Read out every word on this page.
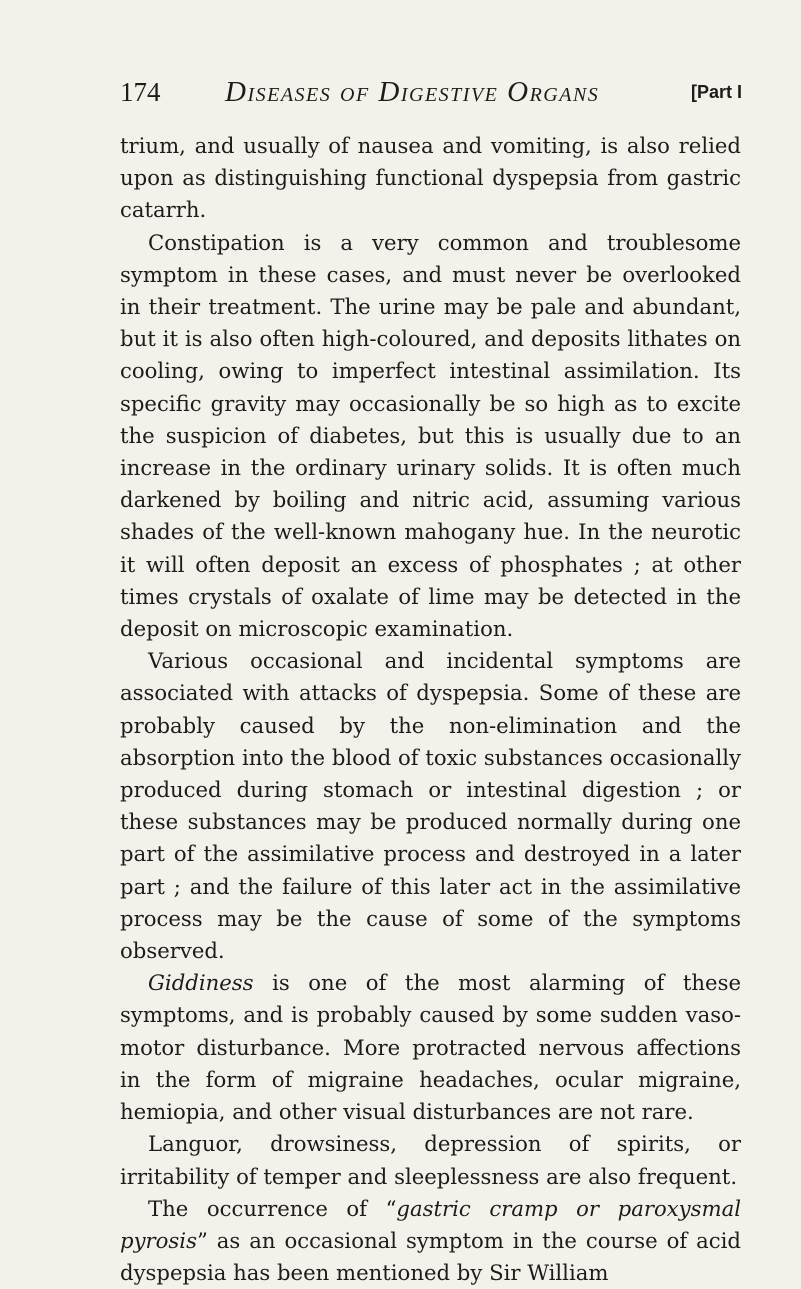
174 Diseases of Digestive Organs	[Part I

trium, and usually of nausea and vomiting, is also relied upon as distinguishing functional dyspepsia from gastric catarrh.

Constipation is a very common and troublesome symptom in these cases, and must never be overlooked in their treatment. The urine may be pale and abundant, but it is also often high-coloured, and deposits lithates on cooling, owing to imperfect intestinal assimilation. Its specific gravity may occasionally be so high as to excite the suspicion of diabetes, but this is usually due to an increase in the ordinary urinary solids. It is often much darkened by boiling and nitric acid, assuming various shades of the well-known mahogany hue. In the neurotic it will often deposit an excess of phosphates ; at other times crystals of oxalate of lime may be detected in the deposit on microscopic examination.

Various occasional and incidental symptoms are associated with attacks of dyspepsia. Some of these are probably caused by the non-elimination and the absorption into the blood of toxic substances occasionally produced during stomach or intestinal digestion ; or these substances may be produced normally during one part of the assimilative process and destroyed in a later part ; and the failure of this later act in the assimilative process may be the cause of some of the symptoms observed.

Giddiness is one of the most alarming of these symptoms, and is probably caused by some sudden vaso-motor disturbance. More protracted nervous affections in the form of migraine headaches, ocular migraine, hemiopia, and other visual disturbances are not rare.

Languor, drowsiness, depression of spirits, or irritability of temper and sleeplessness are also frequent.

The occurrence of “gastric cramp or paroxysmal pyrosis” as an occasional symptom in the course of acid dyspepsia has been mentioned by Sir William
